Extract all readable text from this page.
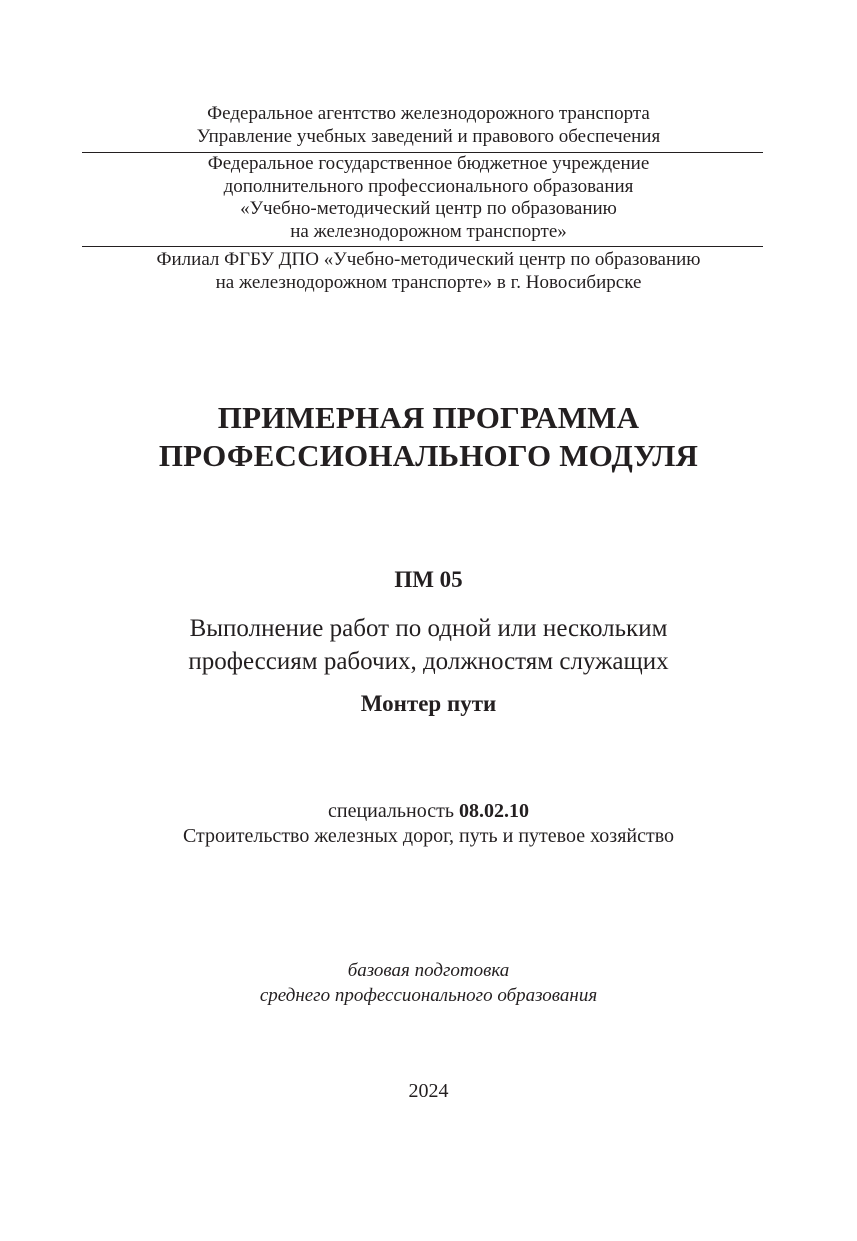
Федеральное агентство железнодорожного транспорта
Управление учебных заведений и правового обеспечения
Федеральное государственное бюджетное учреждение
дополнительного профессионального образования
«Учебно-методический центр по образованию
на железнодорожном транспорте»
Филиал ФГБУ ДПО «Учебно-методический центр по образованию
на железнодорожном транспорте» в г. Новосибирске
ПРИМЕРНАЯ ПРОГРАММА
ПРОФЕССИОНАЛЬНОГО МОДУЛЯ
ПМ 05
Выполнение работ по одной или нескольким
профессиям рабочих, должностям служащих
Монтер пути
специальность 08.02.10
Строительство железных дорог, путь и путевое хозяйство
базовая подготовка
среднего профессионального образования
2024
